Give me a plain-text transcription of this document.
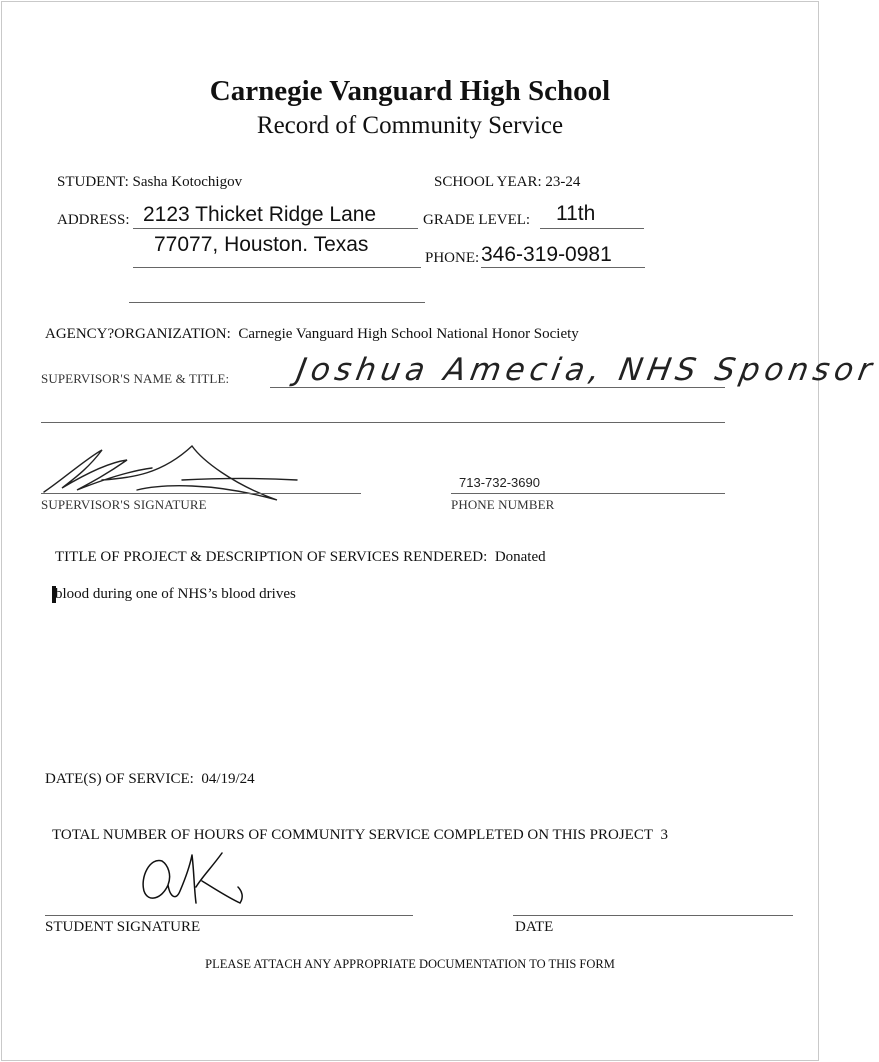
Carnegie Vanguard High School
Record of Community Service
STUDENT: Sasha Kotochigov	SCHOOL YEAR: 23-24
ADDRESS: 2123 Thicket Ridge Lane
77077, Houston. Texas
GRADE LEVEL: 11th
PHONE: 346-319-0981
AGENCY?ORGANIZATION: Carnegie Vanguard High School National Honor Society
SUPERVISOR'S NAME & TITLE: Joshua Amecia, NHS Sponsor
SUPERVISOR'S SIGNATURE
713-732-3690
PHONE NUMBER
TITLE OF PROJECT & DESCRIPTION OF SERVICES RENDERED: Donated
blood during one of NHS’s blood drives
DATE(S) OF SERVICE: 04/19/24
TOTAL NUMBER OF HOURS OF COMMUNITY SERVICE COMPLETED ON THIS PROJECT 3
STUDENT SIGNATURE	DATE
PLEASE ATTACH ANY APPROPRIATE DOCUMENTATION TO THIS FORM
